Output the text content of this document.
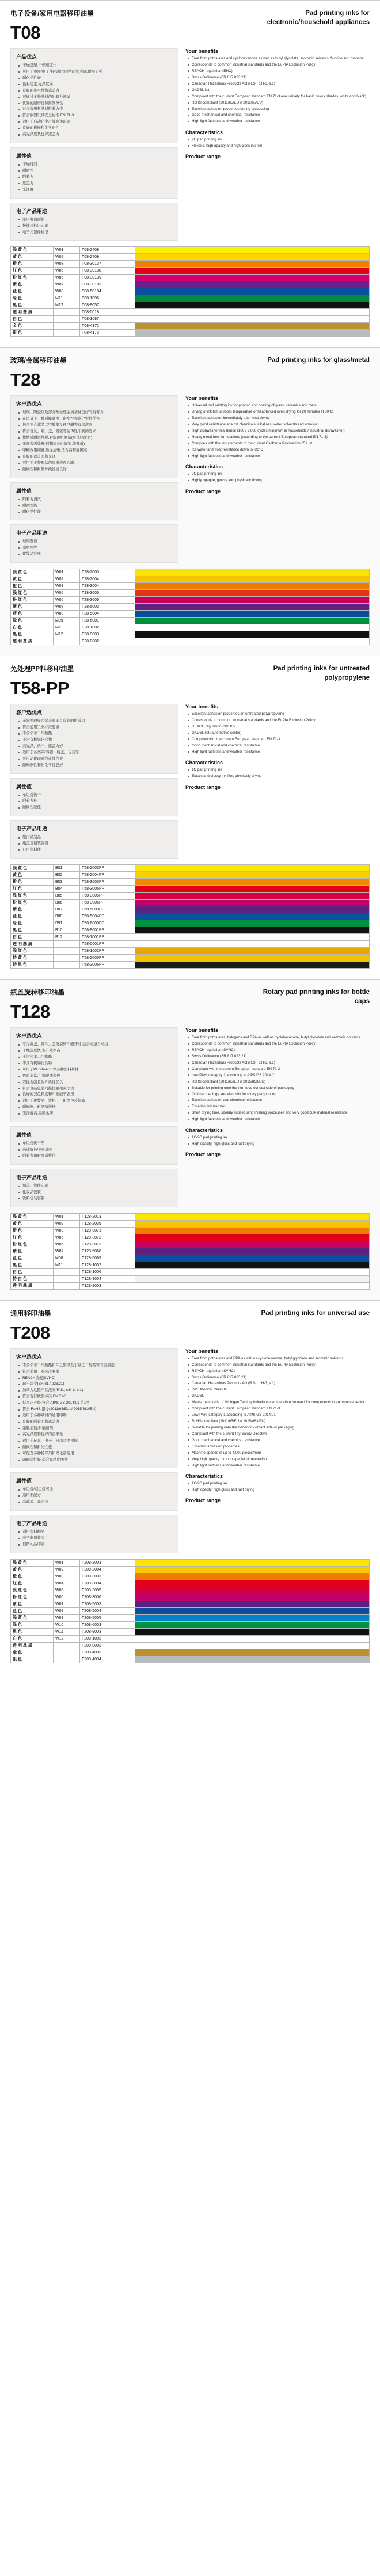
电子设备/家用电器移印油墨
T08
Pad printing inks for electronic/household appliances
产品优点
干燥迅速,干燥速度快
可用于电器/电子件(按键/面板/壳体)表面,附着力强
耐化学性好
色彩稳定,光泽度高
良好的流平性和遮盖力
可通过多种基材的附着力测试
优异的耐磨性和耐刮擦性
对多数塑料基材附着力佳
符合欧盟玩具安全标准 EN 71-3
适用于自动化生产线高速印刷
良好的机械和化学耐性
高光泽度及优异遮盖力
属性值
干燥时间
耐磨性
附着力
遮盖力
光泽度
电子产品用途
家用电器面板
按键及标识印刷
电子元器件标记
Your benefits
Free from phthalates and cyclohexanone as well as butyl glycolate, aromatic solvents, fluorine and bromine
Corresponds to common industrial standards and the EuPIA Exclusion Policy
REACH regulation (EHC)
Swiss Ordinance (SR 817.023.21)
Canadian Hazardous Products Act (R.S., c.H-3, s.1)
GADSL list
Compliant with the current European standard EN 71-3 (exclusively for basic colour shades, white and black)
RoHS compliant (2011/65/EU // 2011/65/EU)
Excellent adhesion properties during processing
Good mechanical and chemical resistance
High light fastness and weather resistance
Characteristics
2C pad printing ink
Flexible, high opacity and high gloss ink film
Product range
浅 黄 色	W01	T08-2409	

黄 色	W02	T08-2409	

橙 色	W03	T08-30137	

红 色	W05	T08-30138	

粉 红 色	W06	T08-30139	

紫 色	W07	T08-30103	

蓝 色	W08	T08-50104	

绿 色	M11	T08-1096	

黑 色	M12	T08-9057	

透 明 基 质		T08-0018	

白 色		T08-1097	

金 色		T08-4172	

银 色		T08-4173	
玻璃/金属移印油墨
T28
Pad printing inks for glass/metal
客户选优点
玻璃、陶瓷以及部分预处理金属基材良好的附着力
在进量下干燥后膜硬度、耐刮性和耐化学性优异
包含不含邻苯二甲酸酯及环己酮等有害溶剂
符合玩具、瓶、盖、器皿等装饰性印刷的要求
烘烤后耐磨性强,耐洗碗机测试(可选择配方)
无需表面处理(烤箱固化时间短,能耗低)
印刷效果细腻,边缘清晰,适合高精度图案
良好的遮盖力和光泽
可用于多种形状的容器表面印刷
耐候性和耐紫外线性能良好
属性值
附着力测试
耐刮性能
耐化学性能
电子产品用途
玻璃器皿
金属铭牌
化妆品容器
Your benefits
Universal pad printing ink for printing and coating of glass, ceramics and metal
Drying of ink film at room temperature or heat-forced oven drying for 20 minutes at 80°C
Excellent adhesion immediately after heat drying
Very good resistance against chemicals, alkalines, water solvents and abrasion
High dishwasher resistance (100 / 2,000 cycles minimum in households / industrial dishwasher)
Heavy metal free formulations (according to the current European standard EN 71-3)
Complies with the requirements of the current California Proposition 65 List
Ice water and frost resistance down to -20°C
High light fastness and weather resistance
Characteristics
2C pad printing ink
Highly opaque, glossy and physically drying
Product range
浅 黄 色	W01	T28-2003	

黄 色	W02	T28-2004	

橙 色	W03	T28-3004	

浅 红 色	W05	T28-3005	

粉 红 色	W06	T28-3006	

紫 色	W07	T28-5003	

蓝 色	W08	T28-5004	

绿 色	M09	T28-6001	

白 色	M11	T28-1002	

黑 色	M12	T28-9003	

透 明 基 质		T28-0002	
免处理PP料移印油墨
T58-PP
Pad printing inks for untreated polypropylene
客户选优点
无需处理聚丙烯表面即有良好的附着力
符合通用工业标准要求
不含邻苯二甲酸酯
不含有机锡化合物
高光泽、快干、遮盖力好
适用于各类PP容器、瓶盖、玩具等
可自动化印刷线连续作业
耐摩擦性和耐化学性良好
属性值
单组份快干
附着力佳
耐候性能佳
电子产品用途
聚丙烯制品
瓶盖及包装容器
日用塑料件
Your benefits
Excellent adhesion properties on untreated polypropylene
Corresponds to common industrial standards and the EuPIA Exclusion Policy
REACH regulation (SVHC)
GADSL list (automotive sector)
Compliant with the current European standard EN 71-3
Good mechanical and chemical resistance
High light fastness and weather resistance
Characteristics
1C pad printing ink
Elastic and glossy ink film, physically drying
Product range
浅 黄 色	B01	T58-2003PP	

黄 色	B02	T58-2004PP	

橙 色	B03	T58-3003PP	

红 色	B04	T58-3005PP	

浅 红 色	B05	T58-3005PP	

粉 红 色	B06	T58-3006PP	

紫 色	B07	T58-5003PP	

蓝 色	B08	T58-5004PP	

绿 色	B91	T58-6000PP	

黑 色	B10	T58-9001PP	

白 色	B12	T58-1001PP	

透 明 基 质		T58-0001PP	

浅 红 色		T58-1002PP	

特 黄 色		T58-2005PP	

特 黑 色		T58-3006PP	
瓶盖旋转移印油墨
T128
Rotary pad printing inks for bottle caps
客户选优点
专为瓶盖、管件、盖类旋转印刷开发,适合高速自动线
干燥速度快,生产效率高
不含邻苯二甲酸酯
不含有机锡化合物
可用于PE/PP/ABS等多种塑料基材
色彩丰富,可调配潘通色
安撞力强且耐介质性优良
符合食品包装间接接触相关法规
良好的套色精度和印刷细节表现
适用于化妆品、饮料、日化等包装领域
耐摩擦、耐酒精擦拭
光泽度高,墨膜柔韧
属性值
单组份快干型
高速旋转印刷适用
附着力和耐介质性佳
电子产品用途
瓶盖、管件印刷
化妆品包装
饮料包装容器
Your benefits
Free from phthalates, halogens and BPA as well as cyclohexanone, butyl glycolate and aromatic solvents
Corresponds to common industrial standards and the EuPIA Exclusion Policy
REACH regulation (SVHC)
Swiss Ordinance (SR 817.023.21)
Canadian Hazardous Products Act (R.S., c.H-3, s.1)
Compliant with the current European standard EN 71-3
Low PAH, category 1 according to AfPS GS 2014:01
RoHS compliant (2011/65/EU // 2015/863/EU)
Suitable for printing onto the non-food contact side of packaging
Optimal rheology and viscosity for rotary pad printing
Excellent adhesion and chemical resistance
Excellent ink transfer
Short drying time, speedy subsequent finishing processes and very good bulk material resistance
High light fastness and weather resistance
Characteristics
1C/2C pad printing ink
High opacity, high gloss and fast drying
Product range
浅 黄 色	W01	T128-2013	

黄 色	W02	T128-2035	

橙 色	W03	T128-3071	

红 色	W05	T128-3072	

粉 红 色	W06	T128-3073	

紫 色	W07	T128-5068	

蓝 色	M08	T128-5069	

黑 色	M11	T128-1007	

白 色		T128-1006	

特 白 色		T128-9004	

透 明 基 质		T128-9003	
通用移印油墨
T208
Pad printing inks for universal use
客户选优点
不含邻苯二甲酸酯和环己酮以及丁基乙二醇酯等有害溶剂
符合通用工业标准要求
REACH法规(SVHC)
瑞士法令(SR 817.023.21)
加拿大危险产品法案(R.S., c.H-3, s.1)
符合现行欧盟标准 EN 71-3
低多环芳烃,符合 AfPS GS 2014:01 第1类
符合 RoHS 指令(2011/65/EU // 2015/863/EU)
适用于多种基材的通用印刷
良好的附着力和遮盖力
墨膜柔韧,耐磨耐刮
高光泽度和优异的流平性
适用于玩具、电子、日用品等领域
耐候性和耐光性佳
可配套多种稀释剂和固化剂使用
印刷适性好,适合高精度图文
属性值
单组份/双组份可选
通用型配方
高遮盖、高光泽
电子产品用途
通用塑料制品
电子电器外壳
促销礼品印刷
Your benefits
Free from phthalates and BPA as well as cyclohexanone, butyl glycolate and aromatic solvents
Corresponds to common industrial standards and the EuPIA Exclusion Policy
REACH regulation (SVHC)
Swiss Ordinance (SR 817.023.21)
Canadian Hazardous Products Act (R.S., c.H-3, s.1)
LWF Medical Class III
GADSL
Meets the criteria of Michigan Testing limitations can therefore be used for components in automotive sector
Compliant with the current European standard EN 71-3
Low PAH, category 1 according to AfPS GS 2014:01
RoHS compliant (2011/65/EU // 2015/863/EU)
Suitable for printing onto the non-food contact side of packaging
Compliant with the current Toy Safety Directive
Good mechanical and chemical resistance
Excellent adhesion properties
Machine speeds of up to 4,000 pieces/hour
Very high opacity through special pigmentation
High light fastness and weather resistance
Characteristics
1C/2C pad printing ink
High opacity, high gloss and fast drying
Product range
浅 黄 色	W01	T208-2003	

黄 色	W02	T208-2004	

橙 色	W03	T208-3003	

红 色	W04	T208-3004	

浅 红 色	W05	T208-3005	

粉 红 色	W06	T208-3006	

紫 色	W07	T208-5003	

蓝 色	W08	T208-5004	

浅 蓝 色	W09	T208-5005	

绿 色	W10	T208-6003	

黑 色	W11	T208-9003	

白 色	W12	T208-1003	

透 明 基 质		T208-0003	

金 色		T208-4003	

银 色		T208-4004	
